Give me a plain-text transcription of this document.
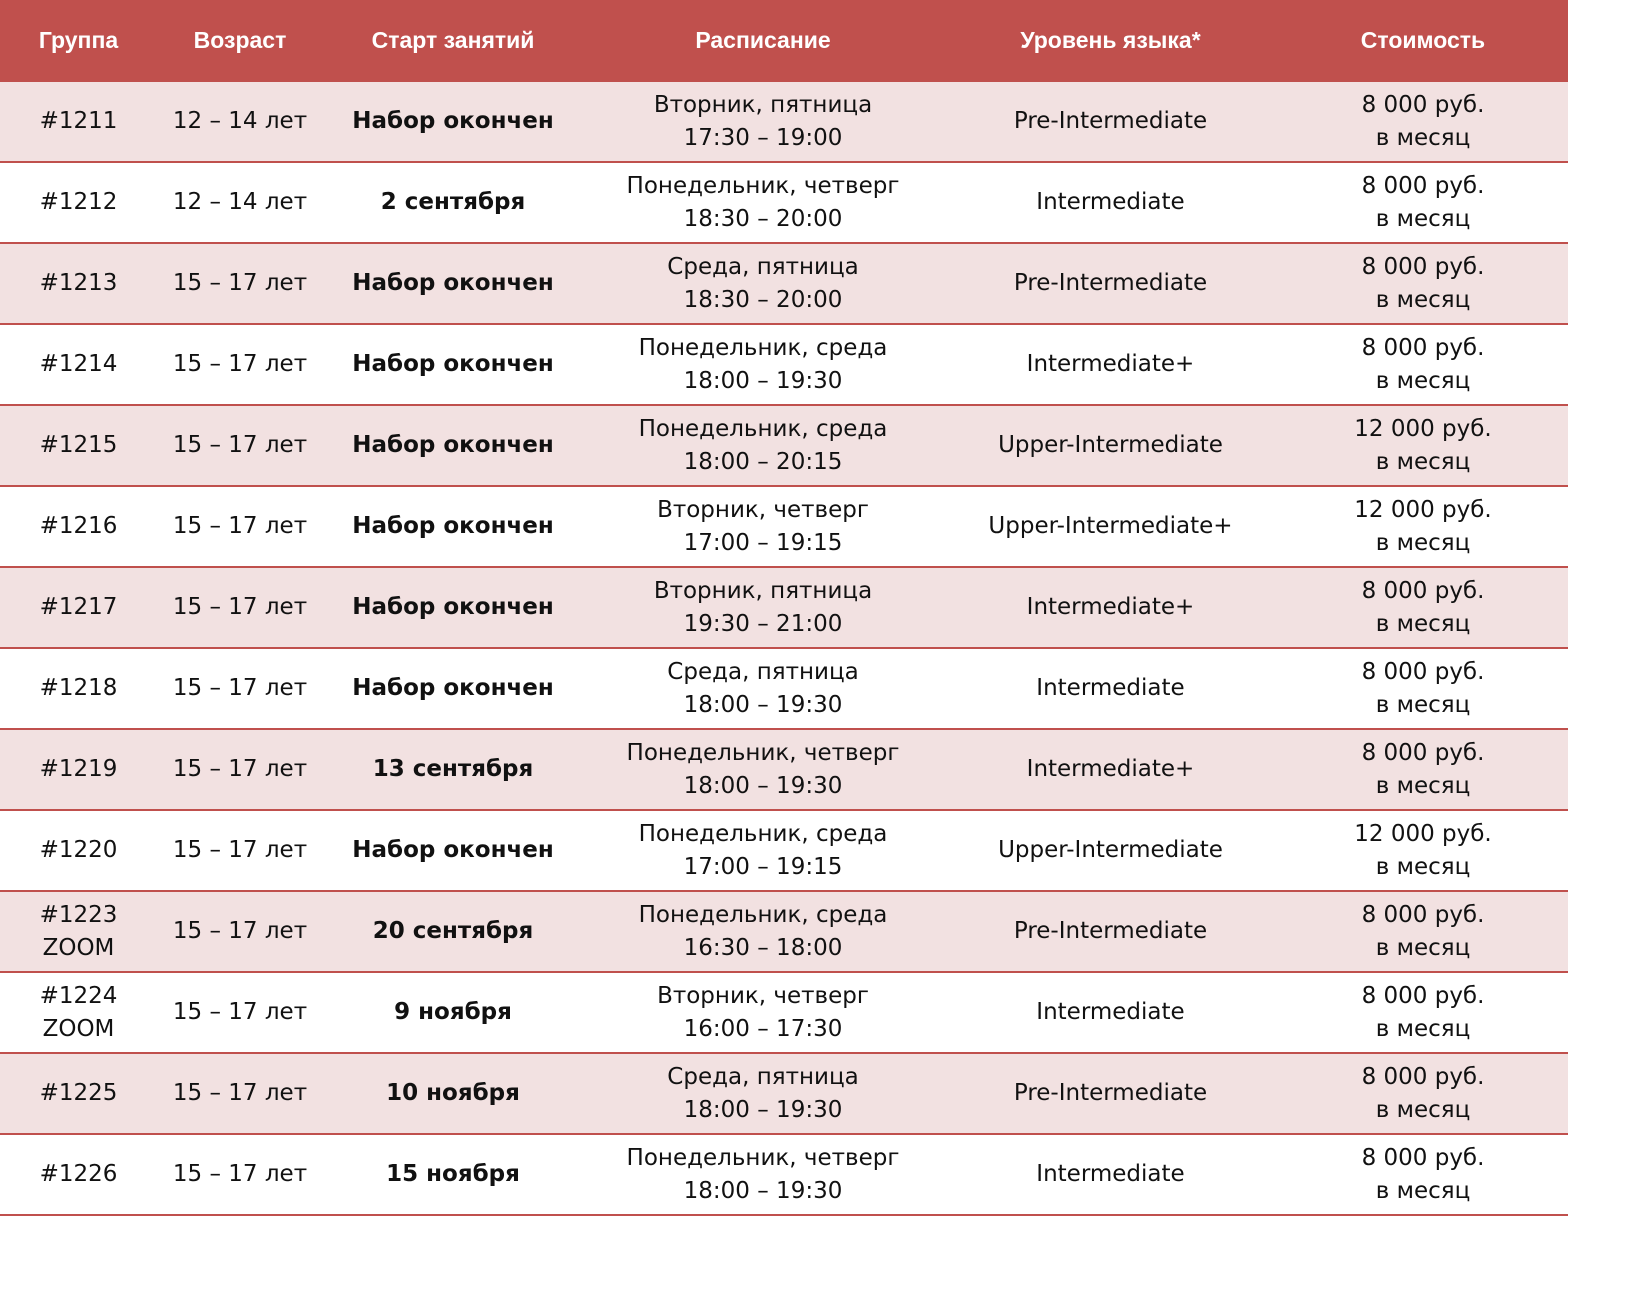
Группа	Возраст	Старт занятий	Расписание	Уровень языка*	Стоимость

#1211	12 – 14 лет	Набор окончен	Вторник, пятница
17:30 – 19:00	Pre-Intermediate	8 000 руб.
в месяц

#1212	12 – 14 лет	2 сентября	Понедельник, четверг
18:30 – 20:00	Intermediate	8 000 руб.
в месяц

#1213	15 – 17 лет	Набор окончен	Среда, пятница
18:30 – 20:00	Pre-Intermediate	8 000 руб.
в месяц

#1214	15 – 17 лет	Набор окончен	Понедельник, среда
18:00 – 19:30	Intermediate+	8 000 руб.
в месяц

#1215	15 – 17 лет	Набор окончен	Понедельник, среда
18:00 – 20:15	Upper-Intermediate	12 000 руб.
в месяц

#1216	15 – 17 лет	Набор окончен	Вторник, четверг
17:00 – 19:15	Upper-Intermediate+	12 000 руб.
в месяц

#1217	15 – 17 лет	Набор окончен	Вторник, пятница
19:30 – 21:00	Intermediate+	8 000 руб.
в месяц

#1218	15 – 17 лет	Набор окончен	Среда, пятница
18:00 – 19:30	Intermediate	8 000 руб.
в месяц

#1219	15 – 17 лет	13 сентября	Понедельник, четверг
18:00 – 19:30	Intermediate+	8 000 руб.
в месяц

#1220	15 – 17 лет	Набор окончен	Понедельник, среда
17:00 – 19:15	Upper-Intermediate	12 000 руб.
в месяц

#1223
ZOOM	15 – 17 лет	20 сентября	Понедельник, среда
16:30 – 18:00	Pre-Intermediate	8 000 руб.
в месяц

#1224
ZOOM	15 – 17 лет	9 ноября	Вторник, четверг
16:00 – 17:30	Intermediate	8 000 руб.
в месяц

#1225	15 – 17 лет	10 ноября	Среда, пятница
18:00 – 19:30	Pre-Intermediate	8 000 руб.
в месяц

#1226	15 – 17 лет	15 ноября	Понедельник, четверг
18:00 – 19:30	Intermediate	8 000 руб.
в месяц
